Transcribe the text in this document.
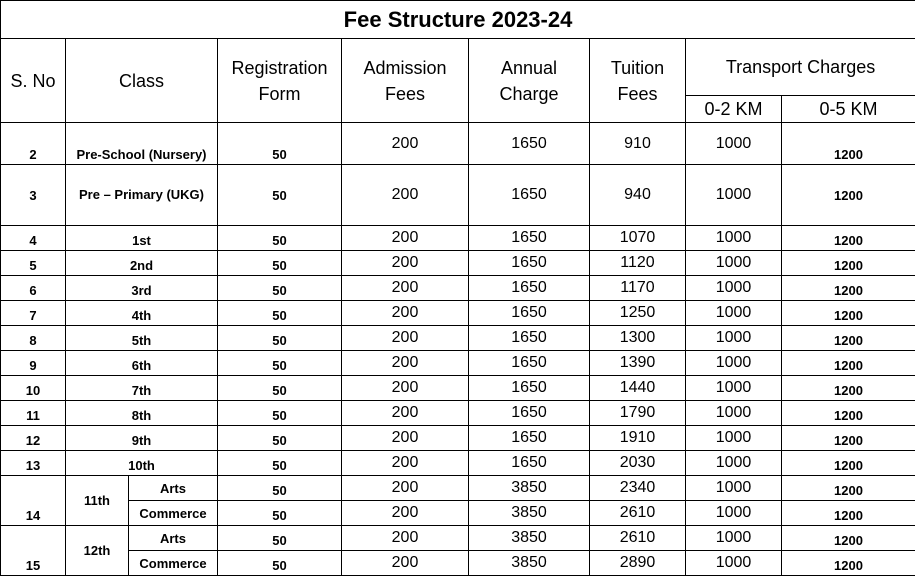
Fee Structure 2023-24								
S. No	Class		Registration Form	Admission Fees	Annual Charge	Tuition Fees	Transport Charges	
							0-2 KM	0-5 KM
2	Pre-School (Nursery)		50	200	1650	910	1000	1200
3	Pre – Primary (UKG)		50	200	1650	940	1000	1200
4	1st		50	200	1650	1070	1000	1200
5	2nd		50	200	1650	1120	1000	1200
6	3rd		50	200	1650	1170	1000	1200
7	4th		50	200	1650	1250	1000	1200
8	5th		50	200	1650	1300	1000	1200
9	6th		50	200	1650	1390	1000	1200
10	7th		50	200	1650	1440	1000	1200
11	8th		50	200	1650	1790	1000	1200
12	9th		50	200	1650	1910	1000	1200
13	10th		50	200	1650	2030	1000	1200
14	11th	Arts	50	200	3850	2340	1000	1200
		Commerce	50	200	3850	2610	1000	1200
15	12th	Arts	50	200	3850	2610	1000	1200
		Commerce	50	200	3850	2890	1000	1200
